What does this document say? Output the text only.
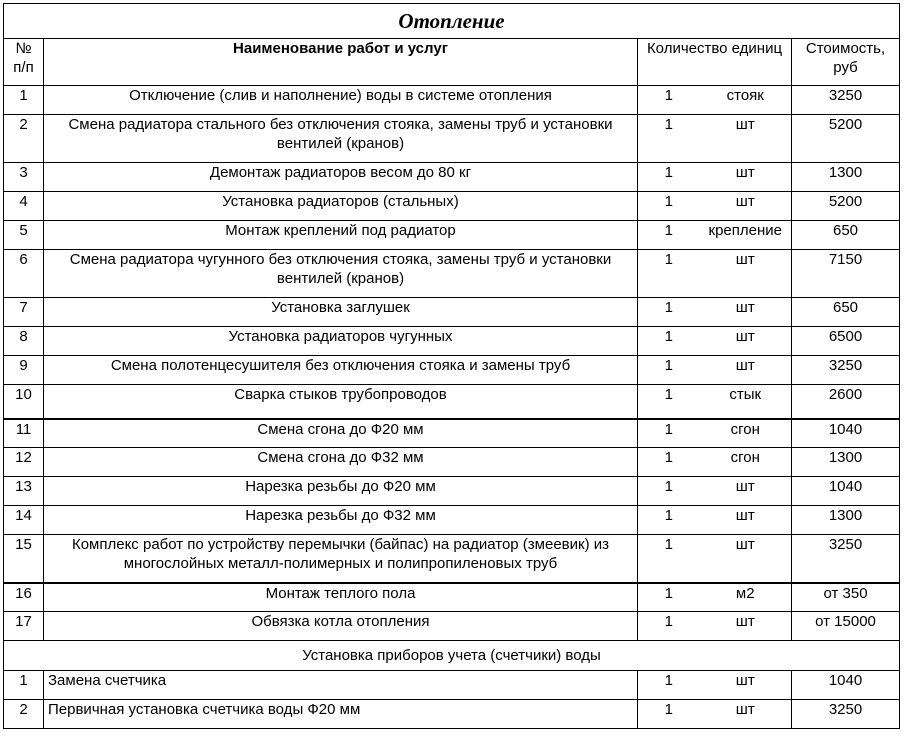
Отопление				
№ п/п	Наименование работ и услуг	Количество единиц		Стоимость, руб
1	Отключение (слив и наполнение) воды в системе отопления	1	стояк	3250
2	Смена радиатора стального без отключения стояка, замены труб и установки вентилей (кранов)	1	шт	5200
3	Демонтаж радиаторов весом до 80 кг	1	шт	1300
4	Установка радиаторов (стальных)	1	шт	5200
5	Монтаж креплений под радиатор	1	крепление	650
6	Смена радиатора чугунного без отключения стояка, замены труб и установки вентилей (кранов)	1	шт	7150
7	Установка заглушек	1	шт	650
8	Установка радиаторов чугунных	1	шт	6500
9	Смена полотенцесушителя без отключения стояка и замены труб	1	шт	3250
10	Сварка стыков трубопроводов	1	стык	2600
11	Смена сгона до Ф20 мм	1	сгон	1040
12	Смена сгона до Ф32 мм	1	сгон	1300
13	Нарезка резьбы до Ф20 мм	1	шт	1040
14	Нарезка резьбы до Ф32 мм	1	шт	1300
15	Комплекс работ по устройству перемычки (байпас) на радиатор (змеевик) из многослойных металл-полимерных и полипропиленовых труб	1	шт	3250
16	Монтаж теплого пола	1	м2	от 350
17	Обвязка котла отопления	1	шт	от 15000
Установка приборов учета (счетчики) воды				
1	Замена счетчика	1	шт	1040
2	Первичная установка счетчика воды Ф20 мм	1	шт	3250
